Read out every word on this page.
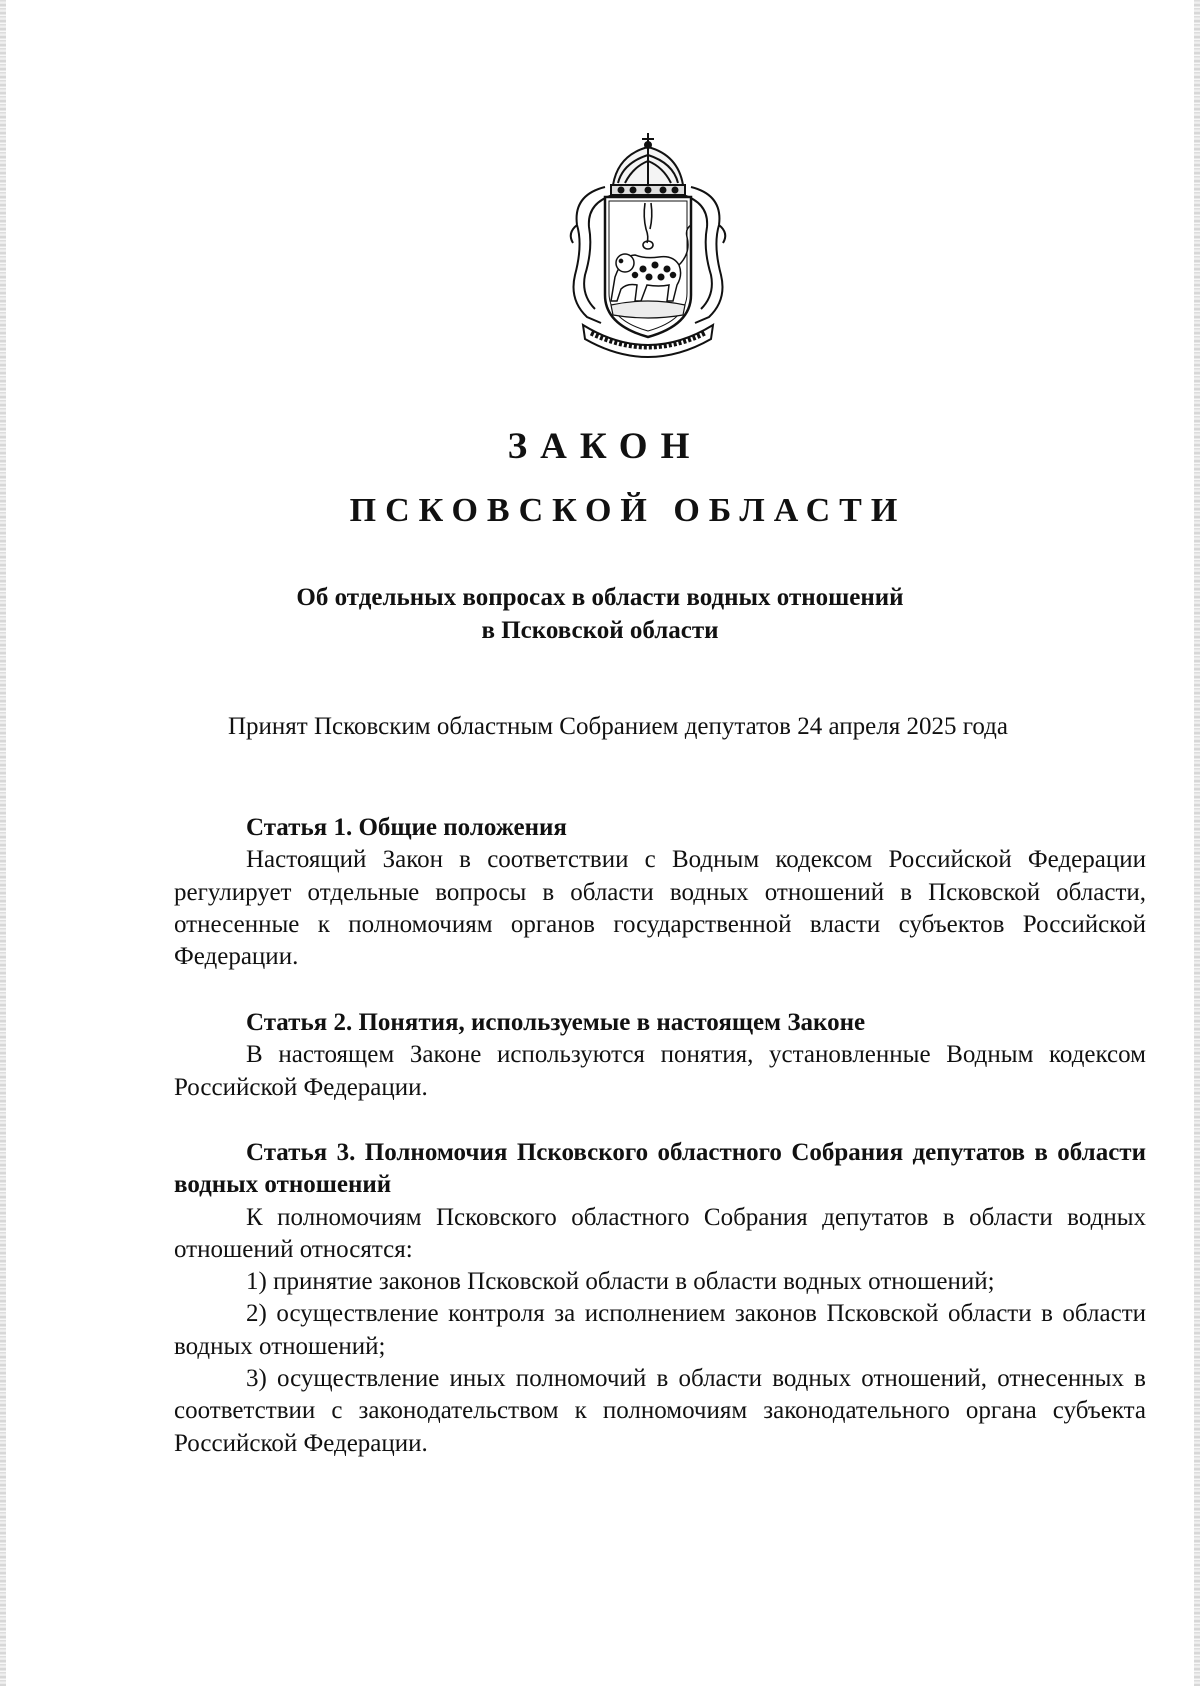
ЗАКОН
ПСКОВСКОЙ ОБЛАСТИ
Об отдельных вопросах в области водных отношений
в Псковской области
Принят Псковским областным Собранием депутатов 24 апреля 2025 года
Статья 1. Общие положения
Настоящий Закон в соответствии с Водным кодексом Российской Федерации регулирует отдельные вопросы в области водных отношений в Псковской области, отнесенные к полномочиям органов государственной власти субъектов Российской Федерации.
Статья 2. Понятия, используемые в настоящем Законе
В настоящем Законе используются понятия, установленные Водным кодексом Российской Федерации.
Статья 3. Полномочия Псковского областного Собрания депутатов в области водных отношений
К полномочиям Псковского областного Собрания депутатов в области водных отношений относятся:
1) принятие законов Псковской области в области водных отношений;
2) осуществление контроля за исполнением законов Псковской области в области водных отношений;
3) осуществление иных полномочий в области водных отношений, отнесенных в соответствии с законодательством к полномочиям законодательного органа субъекта Российской Федерации.
